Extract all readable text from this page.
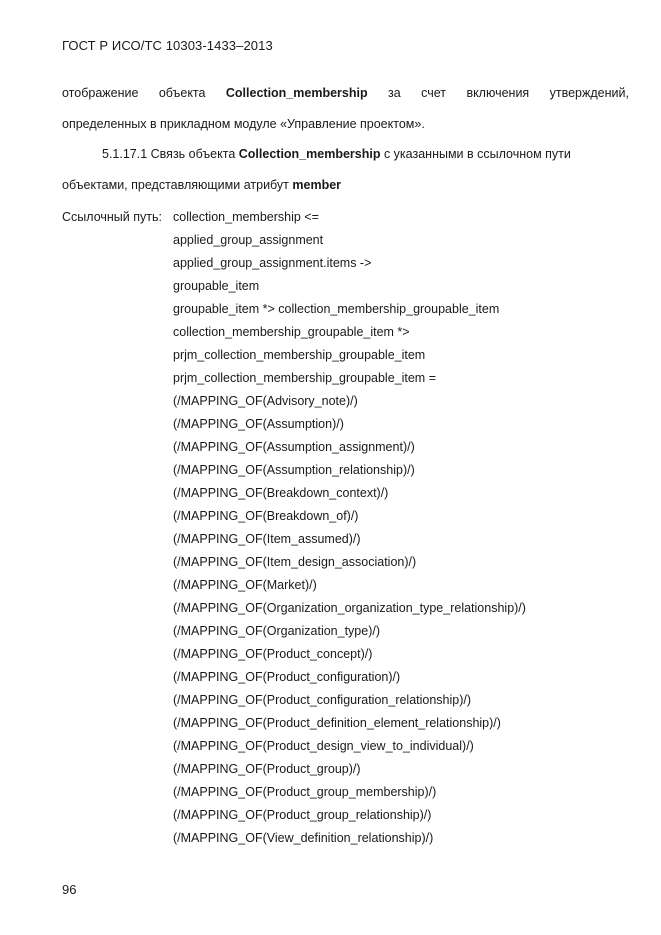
ГОСТ Р ИСО/ТС 10303-1433–2013
отображение объекта Collection_membership за счет включения утверждений,
определенных в прикладном модуле «Управление проектом».
5.1.17.1 Связь объекта Collection_membership с указанными в ссылочном пути
объектами, представляющими атрибут member
Ссылочный путь: collection_membership <=
applied_group_assignment
applied_group_assignment.items ->
groupable_item
groupable_item *> collection_membership_groupable_item
collection_membership_groupable_item *>
prjm_collection_membership_groupable_item
prjm_collection_membership_groupable_item =
(/MAPPING_OF(Advisory_note)/)
(/MAPPING_OF(Assumption)/)
(/MAPPING_OF(Assumption_assignment)/)
(/MAPPING_OF(Assumption_relationship)/)
(/MAPPING_OF(Breakdown_context)/)
(/MAPPING_OF(Breakdown_of)/)
(/MAPPING_OF(Item_assumed)/)
(/MAPPING_OF(Item_design_association)/)
(/MAPPING_OF(Market)/)
(/MAPPING_OF(Organization_organization_type_relationship)/)
(/MAPPING_OF(Organization_type)/)
(/MAPPING_OF(Product_concept)/)
(/MAPPING_OF(Product_configuration)/)
(/MAPPING_OF(Product_configuration_relationship)/)
(/MAPPING_OF(Product_definition_element_relationship)/)
(/MAPPING_OF(Product_design_view_to_individual)/)
(/MAPPING_OF(Product_group)/)
(/MAPPING_OF(Product_group_membership)/)
(/MAPPING_OF(Product_group_relationship)/)
(/MAPPING_OF(View_definition_relationship)/)
96
